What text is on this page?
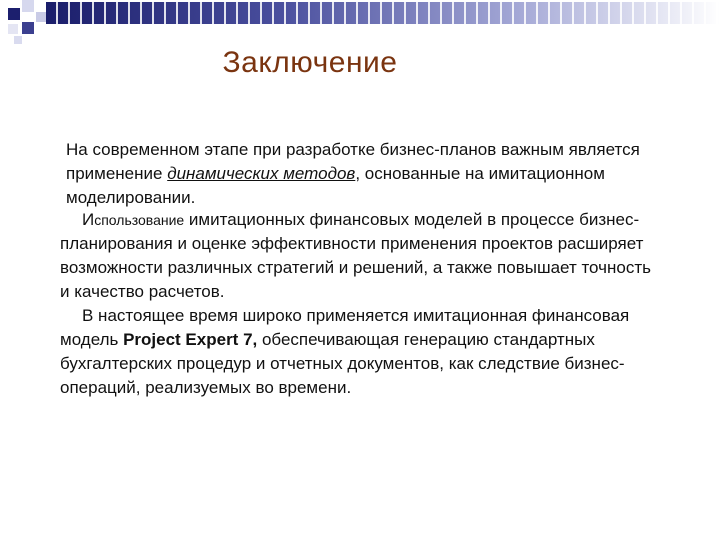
Заключение
На современном этапе при разработке бизнес-планов важным является применение динамических методов, основанные на имитационном моделировании.

Использование имитационных финансовых моделей в процессе бизнес-планирования и оценке эффективности применения проектов расширяет возможности различных стратегий и решений, а также повышает точность и качество расчетов.

В настоящее время широко применяется имитационная финансовая модель Project Expert 7, обеспечивающая генерацию стандартных бухгалтерских процедур и отчетных документов, как следствие бизнес-операций, реализуемых во времени.
